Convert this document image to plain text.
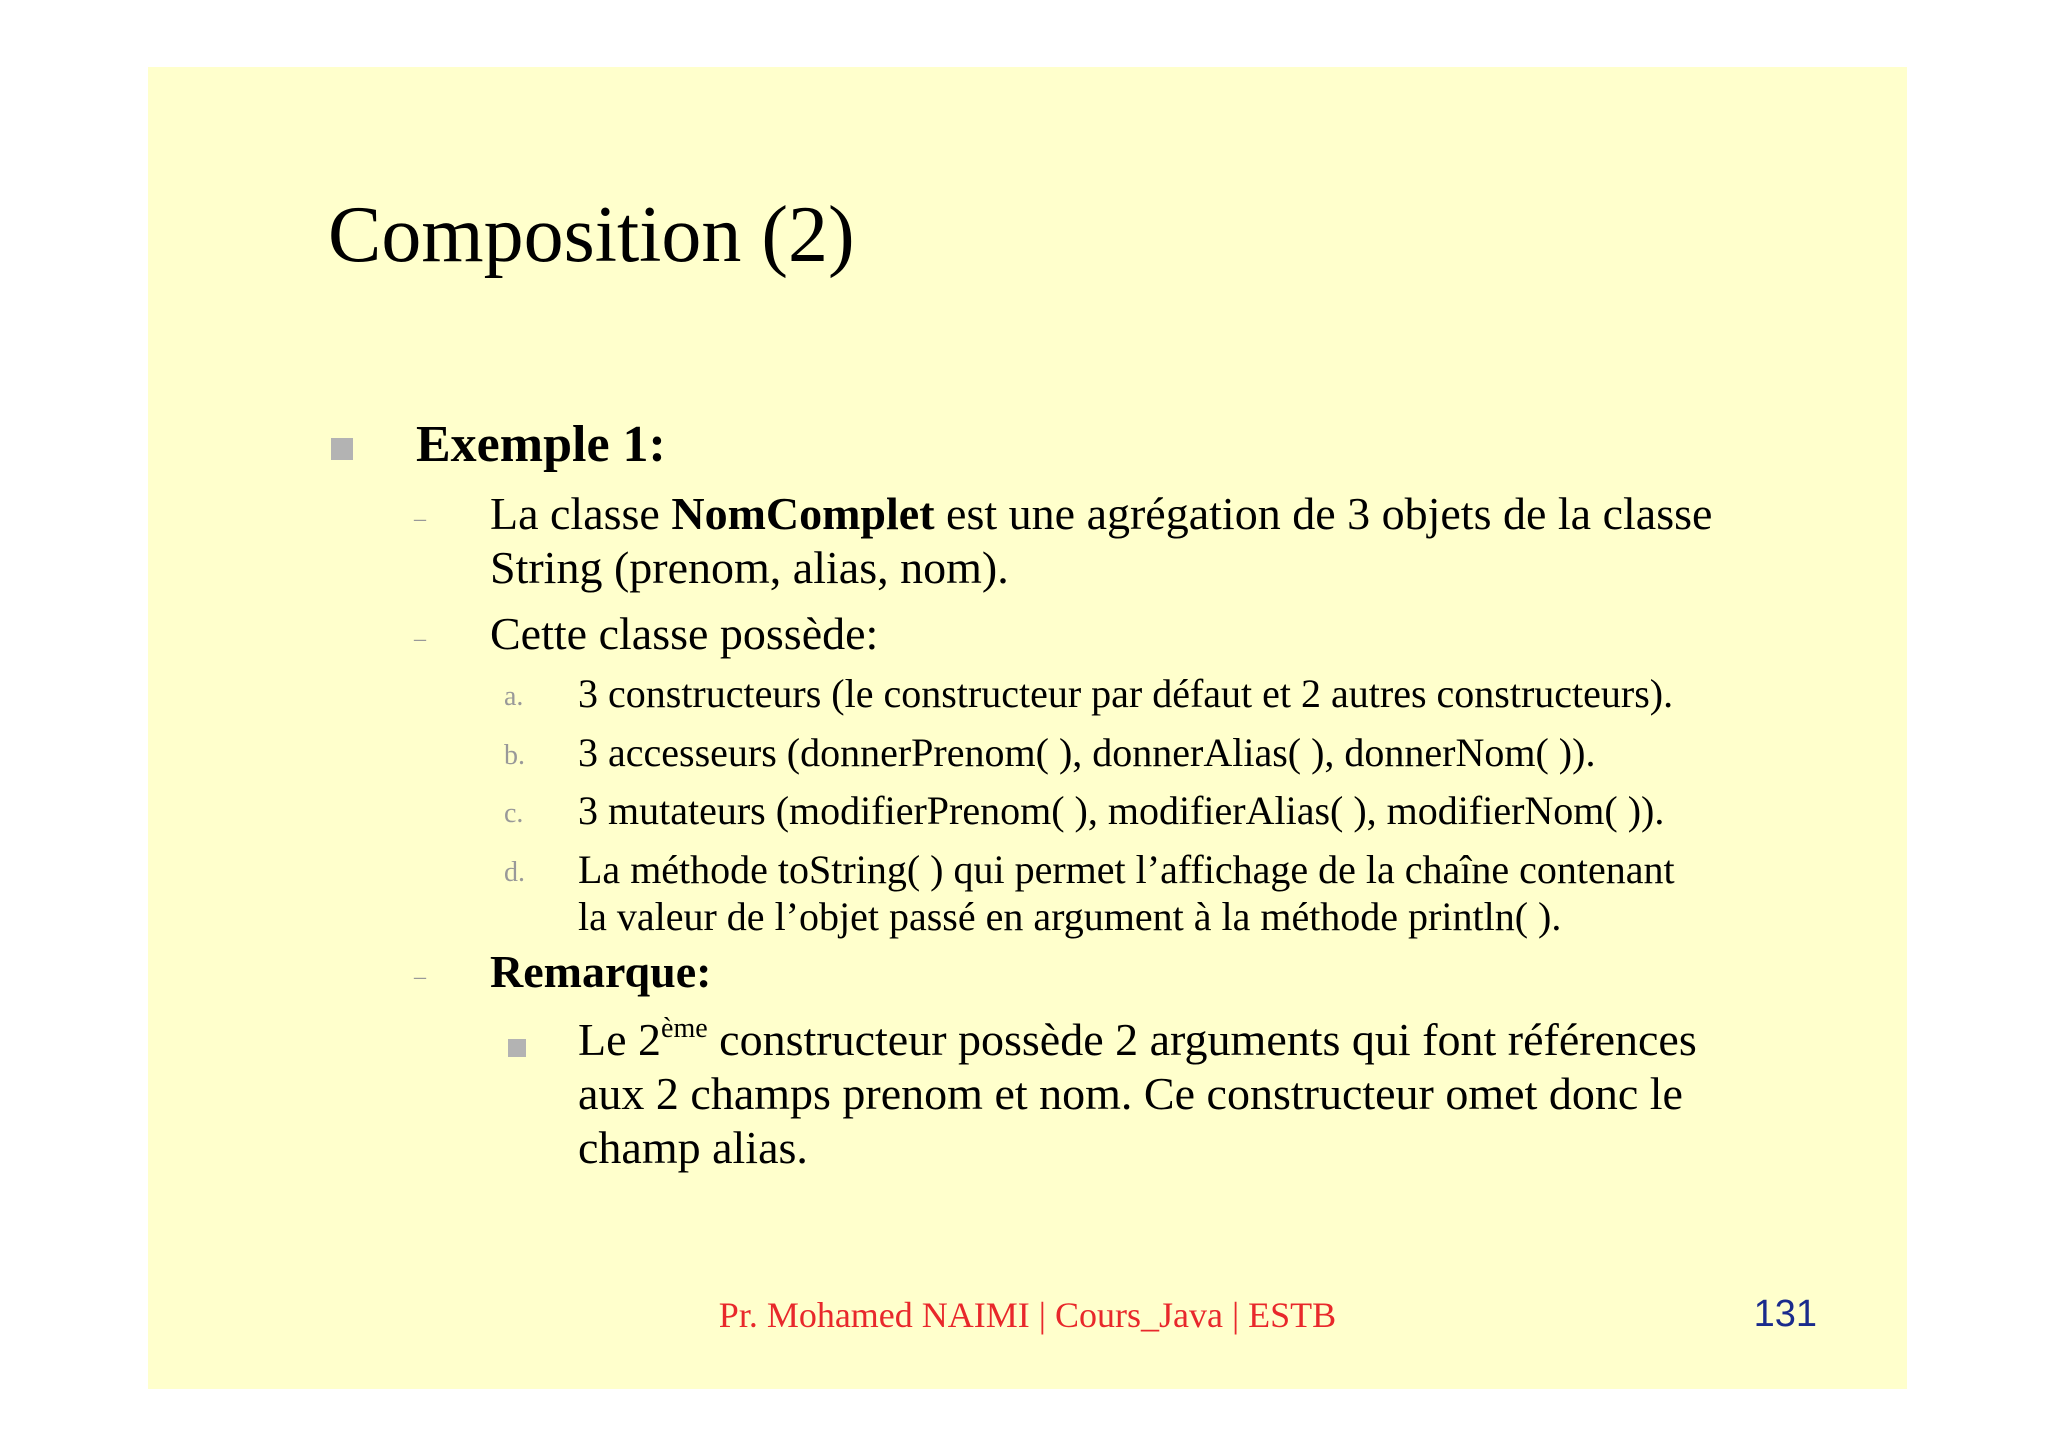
Composition (2)
Exemple 1:
– La classe NomComplet est une agrégation de 3 objets de la classe
String (prenom, alias, nom).
– Cette classe possède:
a. 3 constructeurs (le constructeur par défaut et 2 autres constructeurs).
b. 3 accesseurs (donnerPrenom( ), donnerAlias( ), donnerNom( )).
c. 3 mutateurs (modifierPrenom( ), modifierAlias( ), modifierNom( )).
d. La méthode toString( ) qui permet l’affichage de la chaîne contenant
la valeur de l’objet passé en argument à la méthode println( ).
– Remarque:
Le 2ème constructeur possède 2 arguments qui font références
aux 2 champs prenom et nom. Ce constructeur omet donc le
champ alias.
Pr. Mohamed NAIMI | Cours_Java | ESTB	131
